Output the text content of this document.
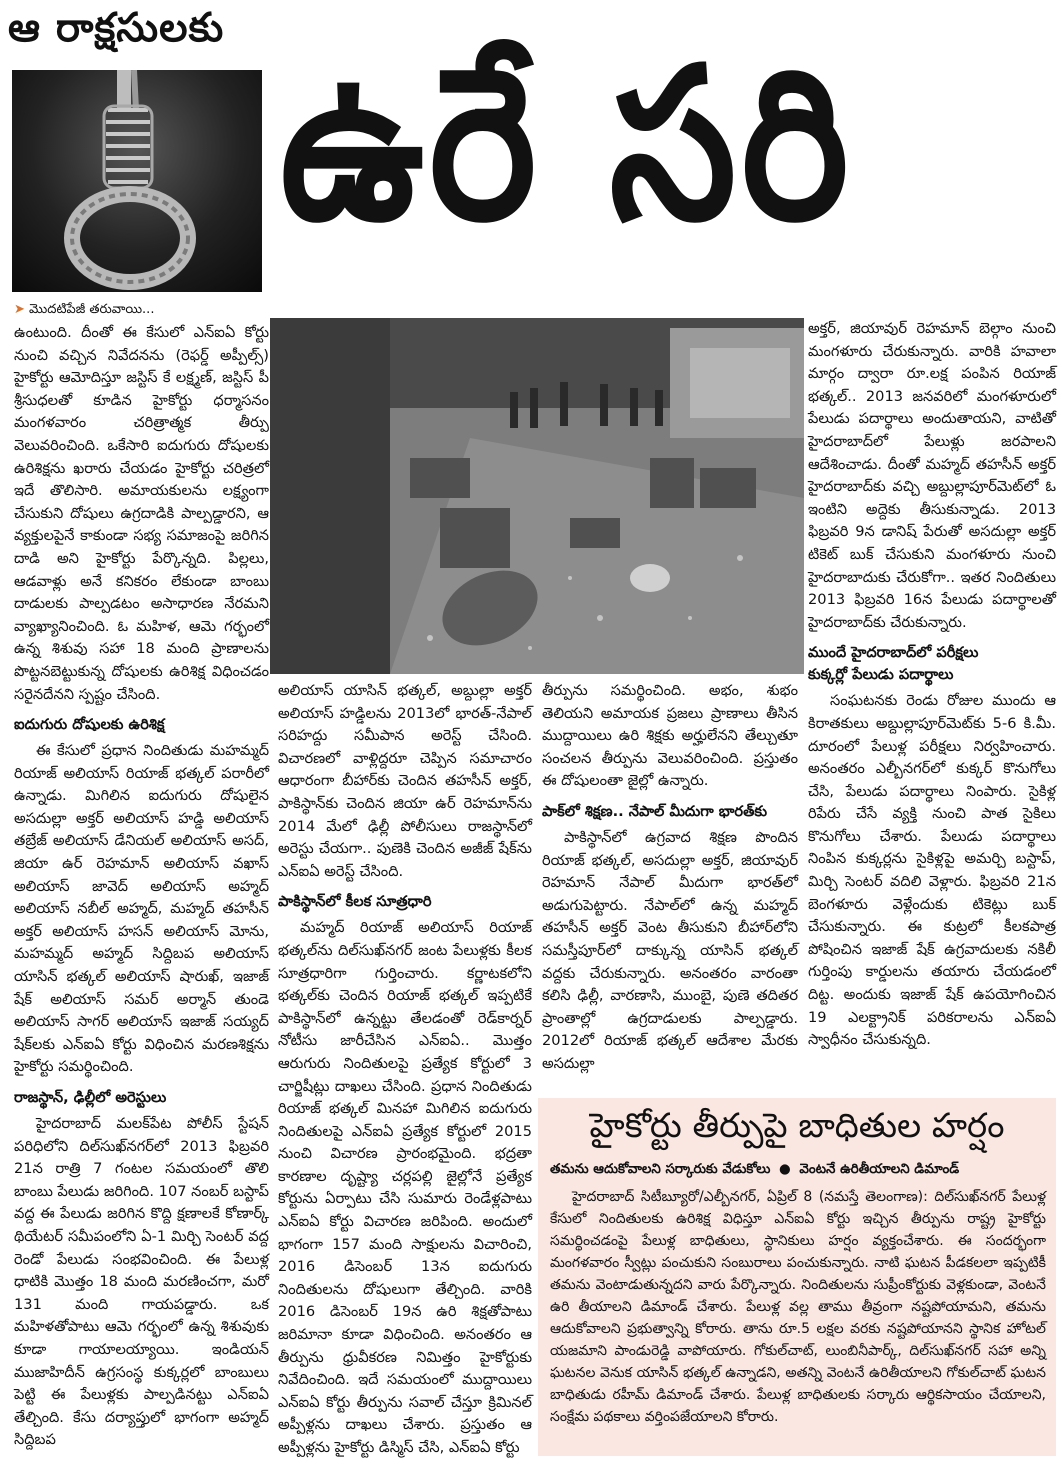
ఆ రాక్షసులకు ఉరే సరి
➤ మొదటిపేజీ తరువాయి...

ఉంటుంది. దీంతో ఈ కేసులో ఎన్‌ఐఏ కోర్టు నుంచి వచ్చిన నివేదనను (రెఫర్డ్ అప్పీల్స్) హైకోర్టు ఆమోదిస్తూ జస్టిస్ కే లక్ష్మణ్, జస్టిస్ పీ శ్రీసుధలతో కూడిన హైకోర్టు ధర్మాసనం మంగళవారం చరిత్రాత్మక తీర్పు వెలువరించింది. ఒకేసారి ఐదుగురు దోషులకు ఉరిశిక్షను ఖరారు చేయడం హైకోర్టు చరిత్రలో ఇదే తొలిసారి. అమాయకులను లక్ష్యంగా చేసుకుని దోషులు ఉగ్రదాడికి పాల్పడ్డారని, ఆ వ్యక్తులపైనే కాకుండా సభ్య సమాజంపై జరిగిన దాడి అని హైకోర్టు పేర్కొన్నది. పిల్లలు, ఆడవాళ్లు అనే కనికరం లేకుండా బాంబు దాడులకు పాల్పడటం అసాధారణ నేరమని వ్యాఖ్యానించింది. ఓ మహిళ, ఆమె గర్భంలో ఉన్న శిశువు సహా 18 మంది ప్రాణాలను పొట్టనబెట్టుకున్న దోషులకు ఉరిశిక్ష విధించడం సరైనదేనని స్పష్టం చేసింది.

ఐదుగురు దోషులకు ఉరిశిక్ష

ఈ కేసులో ప్రధాన నిందితుడు మహమ్మద్ రియాజ్ అలియాస్ రియాజ్ భత్కల్ పరారీలో ఉన్నాడు. మిగిలిన ఐదుగురు దోషులైన అసదుల్లా అక్తర్ అలియాస్ హడ్డి అలియాస్ తబ్రేజ్ అలియాస్ డేనియల్ అలియాస్ అసద్, జియా ఉర్ రెహమాన్ అలియాస్ వఖాస్ అలియాస్ జావెద్ అలియాస్ అహ్మద్ అలియాస్ నబీల్ అహ్మద్, మహ్మద్ తహసీన్ అక్తర్ అలియాస్ హసన్ అలియాస్ మోను, మహమ్మద్ అహ్మద్ సిద్దిబప అలియాస్ యాసిన్ భత్కల్ అలియాస్ షారుఖ్, ఇజాజ్ షేక్ అలియాస్ సమర్ అర్మాన్ తుండె అలియాస్ సాగర్ అలియాస్ ఇజాజ్ సయ్యద్ షేక్‌లకు ఎన్‌ఐఏ కోర్టు విధించిన మరణశిక్షను హైకోర్టు సమర్థించింది.

రాజస్థాన్, ఢిల్లీలో అరెస్టులు

హైదరాబాద్ మలక్‌పేట పోలీస్ స్టేషన్ పరిధిలోని దిల్‌సుఖ్‌నగర్‌లో 2013 ఫిబ్రవరి 21న రాత్రి 7 గంటల సమయంలో తొలి బాంబు పేలుడు జరిగింది. 107 నంబర్ బస్టాప్ వద్ద ఈ పేలుడు జరిగిన కొద్ది క్షణాలకే కోణార్క్ థియేటర్ సమీపంలోని ఏ-1 మిర్చి సెంటర్ వద్ద రెండో పేలుడు సంభవించింది. ఈ పేలుళ్ల ధాటికి మొత్తం 18 మంది మరణించగా, మరో 131 మంది గాయపడ్డారు. ఒక మహిళతోపాటు ఆమె గర్భంలో ఉన్న శిశువుకు కూడా గాయాలయ్యాయి. ఇండియన్ ముజాహిదీన్ ఉగ్రసంస్థ కుక్కర్లలో బాంబులు పెట్టి ఈ పేలుళ్లకు పాల్పడినట్టు ఎన్‌ఐఏ తేల్చింది. కేసు దర్యాప్తులో భాగంగా అహ్మద్ సిద్దిబప

అలియాస్ యాసిన్ భత్కల్, అబ్దుల్లా అక్తర్ అలియాస్ హడ్డిలను 2013లో భారత్-నేపాల్ సరిహద్దు సమీపాన అరెస్ట్ చేసింది. విచారణలో వాళ్లిద్దరూ చెప్పిన సమాచారం ఆధారంగా బీహార్‌కు చెందిన తహసీన్ అక్తర్, పాకిస్థాన్‌కు చెందిన జియా ఉర్ రెహమాన్‌ను 2014 మేలో ఢిల్లీ పోలీసులు రాజస్థాన్‌లో అరెస్టు చేయగా.. పుణెకి చెందిన అజీజ్ షేక్‌ను ఎన్‌ఐఏ అరెస్ట్ చేసింది.

పాకిస్థాన్‌లో కీలక సూత్రధారి

మహ్మద్ రియాజ్ అలియాస్ రియాజ్ భత్కల్‌ను దిల్‌సుఖ్‌నగర్ జంట పేలుళ్లకు కీలక సూత్రధారిగా గుర్తించారు. కర్ణాటకలోని భత్కల్‌కు చెందిన రియాజ్ భత్కల్ ఇప్పటికే పాకిస్థాన్‌లో ఉన్నట్టు తేలడంతో రెడ్‌కార్నర్ నోటీసు జారీచేసిన ఎన్‌ఐఏ.. మొత్తం ఆరుగురు నిందితులపై ప్రత్యేక కోర్టులో 3 చార్జిషీట్లు దాఖలు చేసింది. ప్రధాన నిందితుడు రియాజ్ భత్కల్ మినహా మిగిలిన ఐదుగురు నిందితులపై ఎన్‌ఐఏ ప్రత్యేక కోర్టులో 2015 నుంచి విచారణ ప్రారంభమైంది. భద్రతా కారణాల దృష్ట్యా చర్లపల్లి జైల్లోనే ప్రత్యేక కోర్టును ఏర్పాటు చేసి సుమారు రెండేళ్లపాటు ఎన్‌ఐఏ కోర్టు విచారణ జరిపింది. అందులో భాగంగా 157 మంది సాక్షులను విచారించి, 2016 డిసెంబర్ 13న ఐదుగురు నిందితులను దోషులుగా తేల్చింది. వారికి 2016 డిసెంబర్ 19న ఉరి శిక్షతోపాటు జరిమానా కూడా విధించింది. అనంతరం ఆ తీర్పును ధ్రువీకరణ నిమిత్తం హైకోర్టుకు నివేదించింది. ఇదే సమయంలో ముద్దాయిలు ఎన్‌ఐఏ కోర్టు తీర్పును సవాల్ చేస్తూ క్రిమినల్ అప్పీళ్లను దాఖలు చేశారు. ప్రస్తుతం ఆ అప్పీళ్లను హైకోర్టు డిస్మిస్ చేసి, ఎన్‌ఐఏ కోర్టు

తీర్పును సమర్థించింది. అభం, శుభం తెలియని అమాయక ప్రజలు ప్రాణాలు తీసిన ముద్దాయిలు ఉరి శిక్షకు అర్హులేనని తేల్చుతూ సంచలన తీర్పును వెలువరించింది. ప్రస్తుతం ఈ దోషులంతా జైల్లో ఉన్నారు.

పాక్‌లో శిక్షణ.. నేపాల్ మీదుగా భారత్‌కు

పాకిస్థాన్‌లో ఉగ్రవాద శిక్షణ పొందిన రియాజ్ భత్కల్, అసదుల్లా అక్తర్, జియావుర్ రెహమాన్ నేపాల్ మీదుగా భారత్‌లో అడుగుపెట్టారు. నేపాల్‌లో ఉన్న మహ్మద్ తహసీన్ అక్తర్‌ వెంట తీసుకుని బీహార్‌లోని సమస్తీపూర్‌లో దాక్కున్న యాసిన్ భత్కల్ వద్దకు చేరుకున్నారు. అనంతరం వారంతా కలిసి ఢిల్లీ, వారణాసి, ముంబై, పుణె తదితర ప్రాంతాల్లో ఉగ్రదాడులకు పాల్పడ్డారు. 2012లో రియాజ్ భత్కల్ ఆదేశాల మేరకు అసదుల్లా

అక్తర్, జియావుర్ రెహమాన్ బెల్గాం నుంచి మంగళూరు చేరుకున్నారు. వారికి హవాలా మార్గం ద్వారా రూ.లక్ష పంపిన రియాజ్ భత్కల్.. 2013 జనవరిలో మంగళూరులో పేలుడు పదార్థాలు అందుతాయని, వాటితో హైదరాబాద్‌లో పేలుళ్లు జరపాలని ఆదేశించాడు. దీంతో మహ్మద్ తహసీన్ అక్తర్ హైదరాబాద్‌కు వచ్చి అబ్దుల్లాపూర్‌మెట్‌లో ఓ ఇంటిని అద్దెకు తీసుకున్నాడు. 2013 ఫిబ్రవరి 9న డానిష్ పేరుతో అసదుల్లా అక్తర్ టికెట్ బుక్ చేసుకుని మంగళూరు నుంచి హైదరాబాదుకు చేరుకోగా.. ఇతర నిందితులు 2013 ఫిబ్రవరి 16న పేలుడు పదార్థాలతో హైదరాబాద్‌కు చేరుకున్నారు.

ముందే హైదరాబాద్‌లో పరీక్షలు
కుక్కర్లో పేలుడు పదార్థాలు

సంఘటనకు రెండు రోజుల ముందు ఆ కిరాతకులు అబ్దుల్లాపూర్‌మెట్‌కు 5-6 కి.మీ. దూరంలో పేలుళ్ల పరీక్షలు నిర్వహించారు. అనంతరం ఎల్బీనగర్‌లో కుక్కర్ కొనుగోలు చేసి, పేలుడు పదార్థాలు నింపారు. సైకిళ్ల రిపేరు చేసే వ్యక్తి నుంచి పాత సైకిలు కొనుగోలు చేశారు. పేలుడు పదార్థాలు నింపిన కుక్కర్లను సైకిళ్లపై అమర్చి బస్టాప్, మిర్చి సెంటర్ వదిలి వెళ్లారు. ఫిబ్రవరి 21న బెంగళూరు వెళ్లేందుకు టికెట్లు బుక్ చేసుకున్నారు. ఈ కుట్రలో కీలకపాత్ర పోషించిన ఇజాజ్ షేక్ ఉగ్రవాదులకు నకిలీ గుర్తింపు కార్డులను తయారు చేయడంలో దిట్ట. అందుకు ఇజాజ్ షేక్ ఉపయోగించిన 19 ఎలక్ట్రానిక్ పరికరాలను ఎన్‌ఐఏ స్వాధీనం చేసుకున్నది.

హైకోర్టు తీర్పుపై బాధితుల హర్షం
తమను ఆదుకోవాలని సర్కారుకు వేడుకోలు ● వెంటనే ఉరితీయాలని డిమాండ్

హైదరాబాద్ సిటీబ్యూరో/ఎల్బీనగర్, ఏప్రిల్ 8 (నమస్తే తెలంగాణ): దిల్‌సుఖ్‌నగర్ పేలుళ్ల కేసులో నిందితులకు ఉరిశిక్ష విధిస్తూ ఎన్‌ఐఏ కోర్టు ఇచ్చిన తీర్పును రాష్ట్ర హైకోర్టు సమర్థించడంపై పేలుళ్ల బాధితులు, స్థానికులు హర్షం వ్యక్తంచేశారు. ఈ సందర్భంగా మంగళవారం స్వీట్లు పంచుకుని సంబురాలు పంచుకున్నారు. నాటి ఘటన పీడకలలా ఇప్పటికీ తమను వెంటాడుతున్నదని వారు పేర్కొన్నారు. నిందితులను సుప్రీంకోర్టుకు వెళ్లకుండా, వెంటనే ఉరి తీయాలని డిమాండ్ చేశారు. పేలుళ్ల వల్ల తాము తీవ్రంగా నష్టపోయామని, తమను ఆదుకోవాలని ప్రభుత్వాన్ని కోరారు. తాను రూ.5 లక్షల వరకు నష్టపోయానని స్థానిక హోటల్ యజమాని పాండురెడ్డి వాపోయారు. గోకుల్‌చాట్, లుంబినీపార్క్, దిల్‌సుఖ్‌నగర్ సహా అన్ని ఘటనల వెనుక యాసిన్ భత్కల్ ఉన్నాడని, అతన్ని వెంటనే ఉరితీయాలని గోకుల్‌చాట్ ఘటన బాధితుడు రహీమ్ డిమాండ్ చేశారు. పేలుళ్ల బాధితులకు సర్కారు ఆర్థికసాయం చేయాలని, సంక్షేమ పథకాలు వర్తింపజేయాలని కోరారు.
